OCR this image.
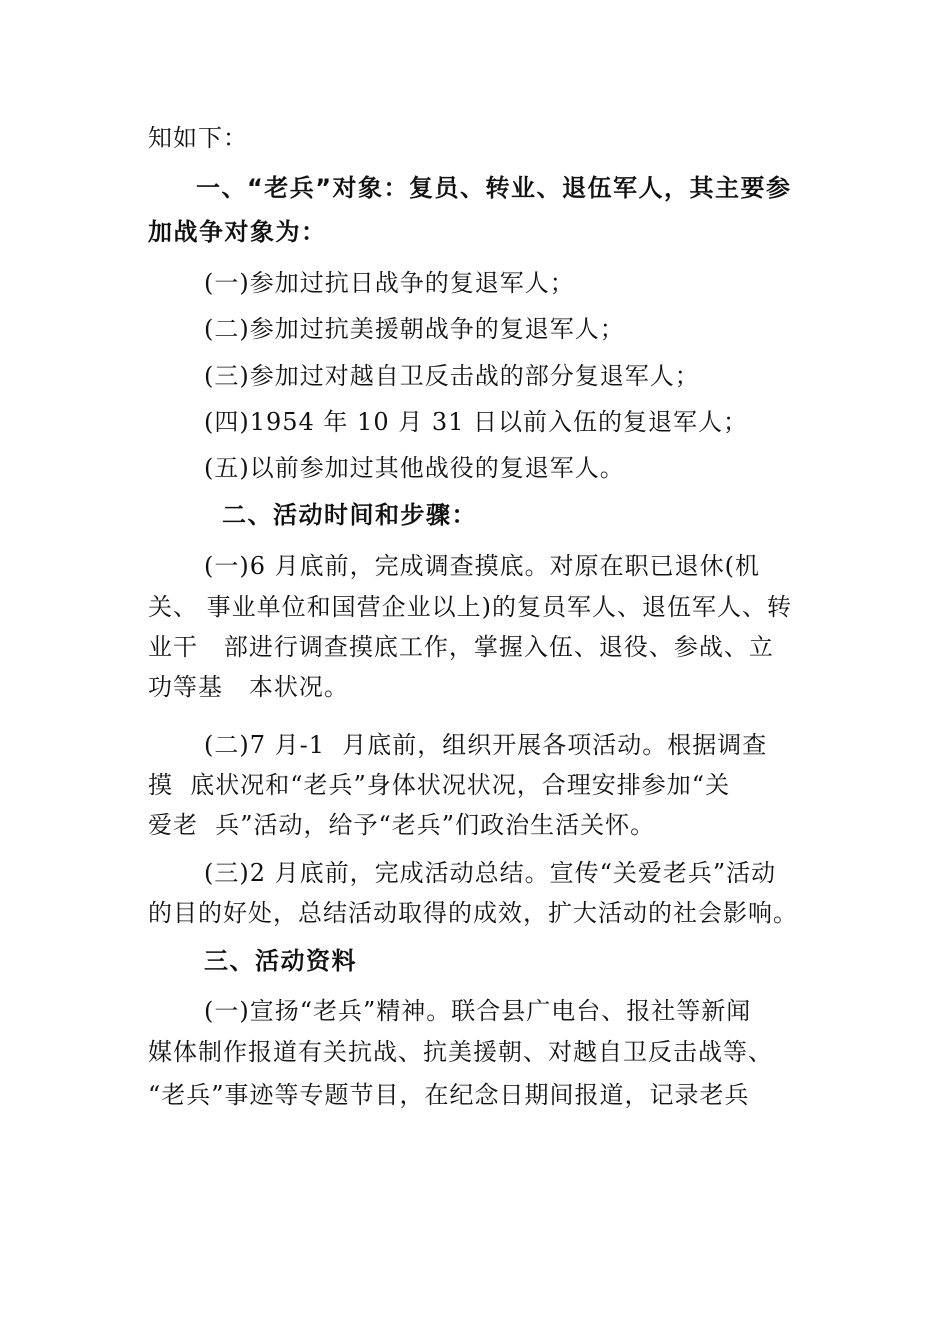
知如下：
一、“老兵”对象：复员、转业、退伍军人，其主要参
加战争对象为：
(一)参加过抗日战争的复退军人；
(二)参加过抗美援朝战争的复退军人；
(三)参加过对越自卫反击战的部分复退军人；
(四)1954 年 10 月 31 日以前入伍的复退军人；
(五)以前参加过其他战役的复退军人。
二、活动时间和步骤：
(一)6 月底前，完成调查摸底。对原在职已退休(机
关、 事业单位和国营企业以上)的复员军人、退伍军人、转
业干   部进行调查摸底工作，掌握入伍、退役、参战、立
功等基   本状况。
(二)7 月-1  月底前，组织开展各项活动。根据调查
摸  底状况和“老兵”身体状况状况，合理安排参加“关
爱老  兵”活动，给予“老兵”们政治生活关怀。
(三)2 月底前，完成活动总结。宣传“关爱老兵”活动
的目的好处，总结活动取得的成效，扩大活动的社会影响。
三、活动资料
(一)宣扬“老兵”精神。联合县广电台、报社等新闻
媒体制作报道有关抗战、抗美援朝、对越自卫反击战等、
“老兵”事迹等专题节目，在纪念日期间报道，记录老兵
